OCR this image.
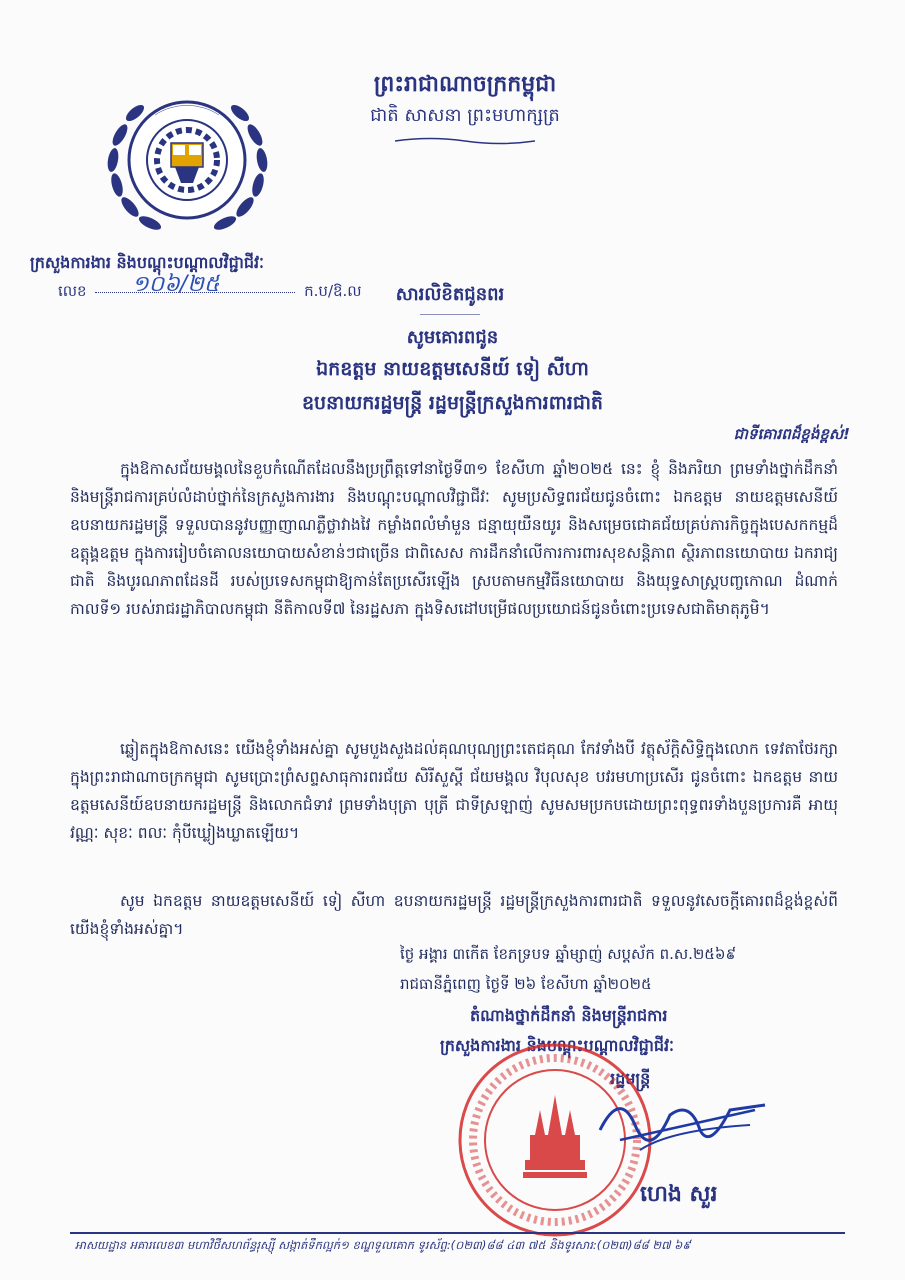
ព្រះរាជាណាចក្រកម្ពុជា
ជាតិ សាសនា ព្រះមហាក្សត្រ
ក្រសួងការងារ និងបណ្តុះបណ្តាលវិជ្ជាជីវៈ
លេខ	ក.ប/ឱ.ល
១០៦/២៥	សារលិខិតជូនពរ
សូមគោរពជូន
ឯកឧត្តម នាយឧត្តមសេនីយ៍ ទៀ សីហា
ឧបនាយករដ្ឋមន្ត្រី រដ្ឋមន្ត្រីក្រសួងការពារជាតិ
ជាទីគោរពដ៏ខ្ពង់ខ្ពស់!
ក្នុងឱកាសជ័យមង្គលនៃខួបកំណើតដែលនឹងប្រព្រឹត្តទៅនាថ្ងៃទី៣១ ខែសីហា ឆ្នាំ២០២៥ នេះ ខ្ញុំ និងភរិយា ព្រមទាំងថ្នាក់ដឹកនាំ និងមន្ត្រីរាជការគ្រប់លំដាប់ថ្នាក់នៃក្រសួងការងារ និងបណ្តុះបណ្តាលវិជ្ជាជីវៈ សូមប្រសិទ្ធពរជ័យជូនចំពោះ ឯកឧត្តម នាយឧត្តមសេនីយ៍ឧបនាយករដ្ឋមន្ត្រី ទទួលបាននូវបញ្ញាញាណភ្លឺថ្លាវាងវៃ កម្លាំងពលំមាំមួន ជន្មាយុយឺនយូរ និងសម្រេចជោគជ័យគ្រប់ភារកិច្ចក្នុងបេសកកម្មដ៏ឧត្តុង្គឧត្តម ក្នុងការរៀបចំគោលនយោបាយសំខាន់ៗជាច្រើន ជាពិសេស ការដឹកនាំលើការការពារសុខសន្តិភាព ស្ថិរភាពនយោបាយ ឯករាជ្យជាតិ និងបូរណភាពដែនដី របស់ប្រទេសកម្ពុជាឱ្យកាន់តែប្រសើរឡើង ស្របតាមកម្មវិធីនយោបាយ និងយុទ្ធសាស្ត្របញ្ចកោណ ដំណាក់កាលទី១ របស់រាជរដ្ឋាភិបាលកម្ពុជា នីតិកាលទី៧ នៃរដ្ឋសភា ក្នុងទិសដៅបម្រើផលប្រយោជន៍ជូនចំពោះប្រទេសជាតិមាតុភូមិ។
ឆ្លៀតក្នុងឱកាសនេះ យើងខ្ញុំទាំងអស់គ្នា សូមបួងសួងដល់គុណបុណ្យព្រះតេជគុណ កែវទាំងបី វត្ថុស័ក្តិសិទ្ធិក្នុងលោក ទេវតាថែរក្សាក្នុងព្រះរាជាណាចក្រកម្ពុជា សូមប្រោះព្រំសព្ទសាធុការពរជ័យ សិរីសួស្តី ជ័យមង្គល វិបុលសុខ បវរមហាប្រសើរ ជូនចំពោះ ឯកឧត្តម នាយឧត្តមសេនីយ៍ឧបនាយករដ្ឋមន្ត្រី និងលោកជំទាវ ព្រមទាំងបុត្រា បុត្រី ជាទីស្រឡាញ់ សូមសមប្រកបដោយព្រះពុទ្ធពរទាំងបួនប្រការគឺ អាយុ វណ្ណៈ សុខៈ ពលៈ កុំបីឃ្លៀងឃ្លាតឡើយ។
សូម ឯកឧត្តម នាយឧត្តមសេនីយ៍ ទៀ សីហា ឧបនាយករដ្ឋមន្ត្រី រដ្ឋមន្ត្រីក្រសួងការពារជាតិ ទទួលនូវសេចក្តីគោរពដ៏ខ្ពង់ខ្ពស់ពីយើងខ្ញុំទាំងអស់គ្នា។
ថ្ងៃ អង្គារ ៣កើត ខែភទ្របទ ឆ្នាំម្សាញ់ សប្តស័ក ព.ស.២៥៦៩
រាជធានីភ្នំពេញ ថ្ងៃទី ២៦ ខែសីហា ឆ្នាំ២០២៥
តំណាងថ្នាក់ដឹកនាំ និងមន្ត្រីរាជការ
ក្រសួងការងារ និងបណ្តុះបណ្តាលវិជ្ជាជីវៈ
រដ្ឋមន្ត្រី
ហេង សួរ
អាសយដ្ឋាន អគារលេខ៣ មហាវិថីសហព័ន្ធរុស្ស៊ី សង្កាត់ទឹកល្អក់១ ខណ្ឌទួលគោក ទូរស័ព្ទ:(០២៣)៨៨ ៤៣ ៧៥ និងទូរសារ:(០២៣)៨៨ ២៧ ៦៩
